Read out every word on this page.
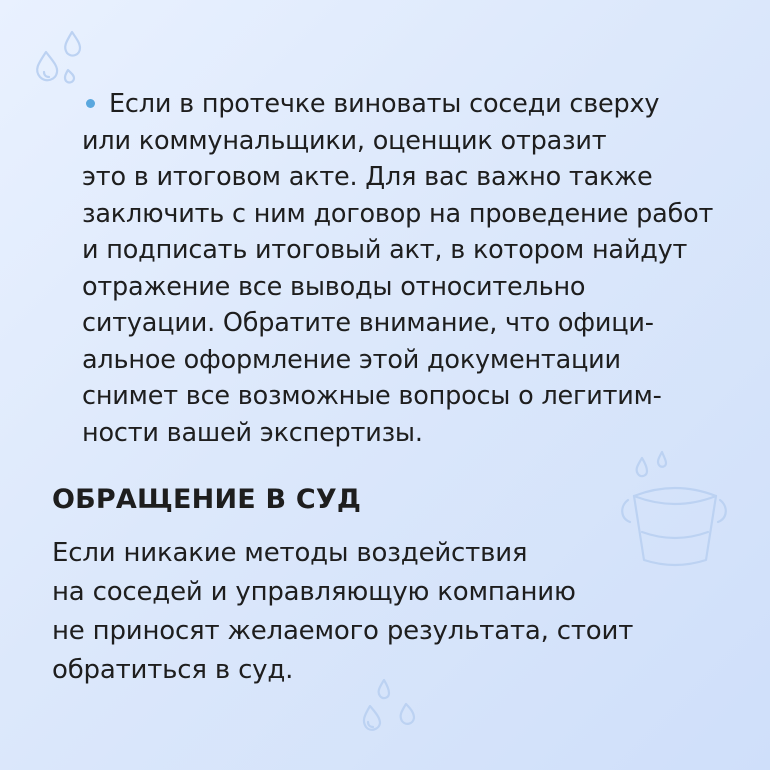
Если в протечке виноваты соседи сверху
или коммунальщики, оценщик отразит
это в итоговом акте. Для вас важно также
заключить с ним договор на проведение работ
и подписать итоговый акт, в котором найдут
отражение все выводы относительно
ситуации. Обратите внимание, что офици-
альное оформление этой документации
снимет все возможные вопросы о легитим-
ности вашей экспертизы.
ОБРАЩЕНИЕ В СУД
Если никакие методы воздействия
на соседей и управляющую компанию
не приносят желаемого результата, стоит
обратиться в суд.
